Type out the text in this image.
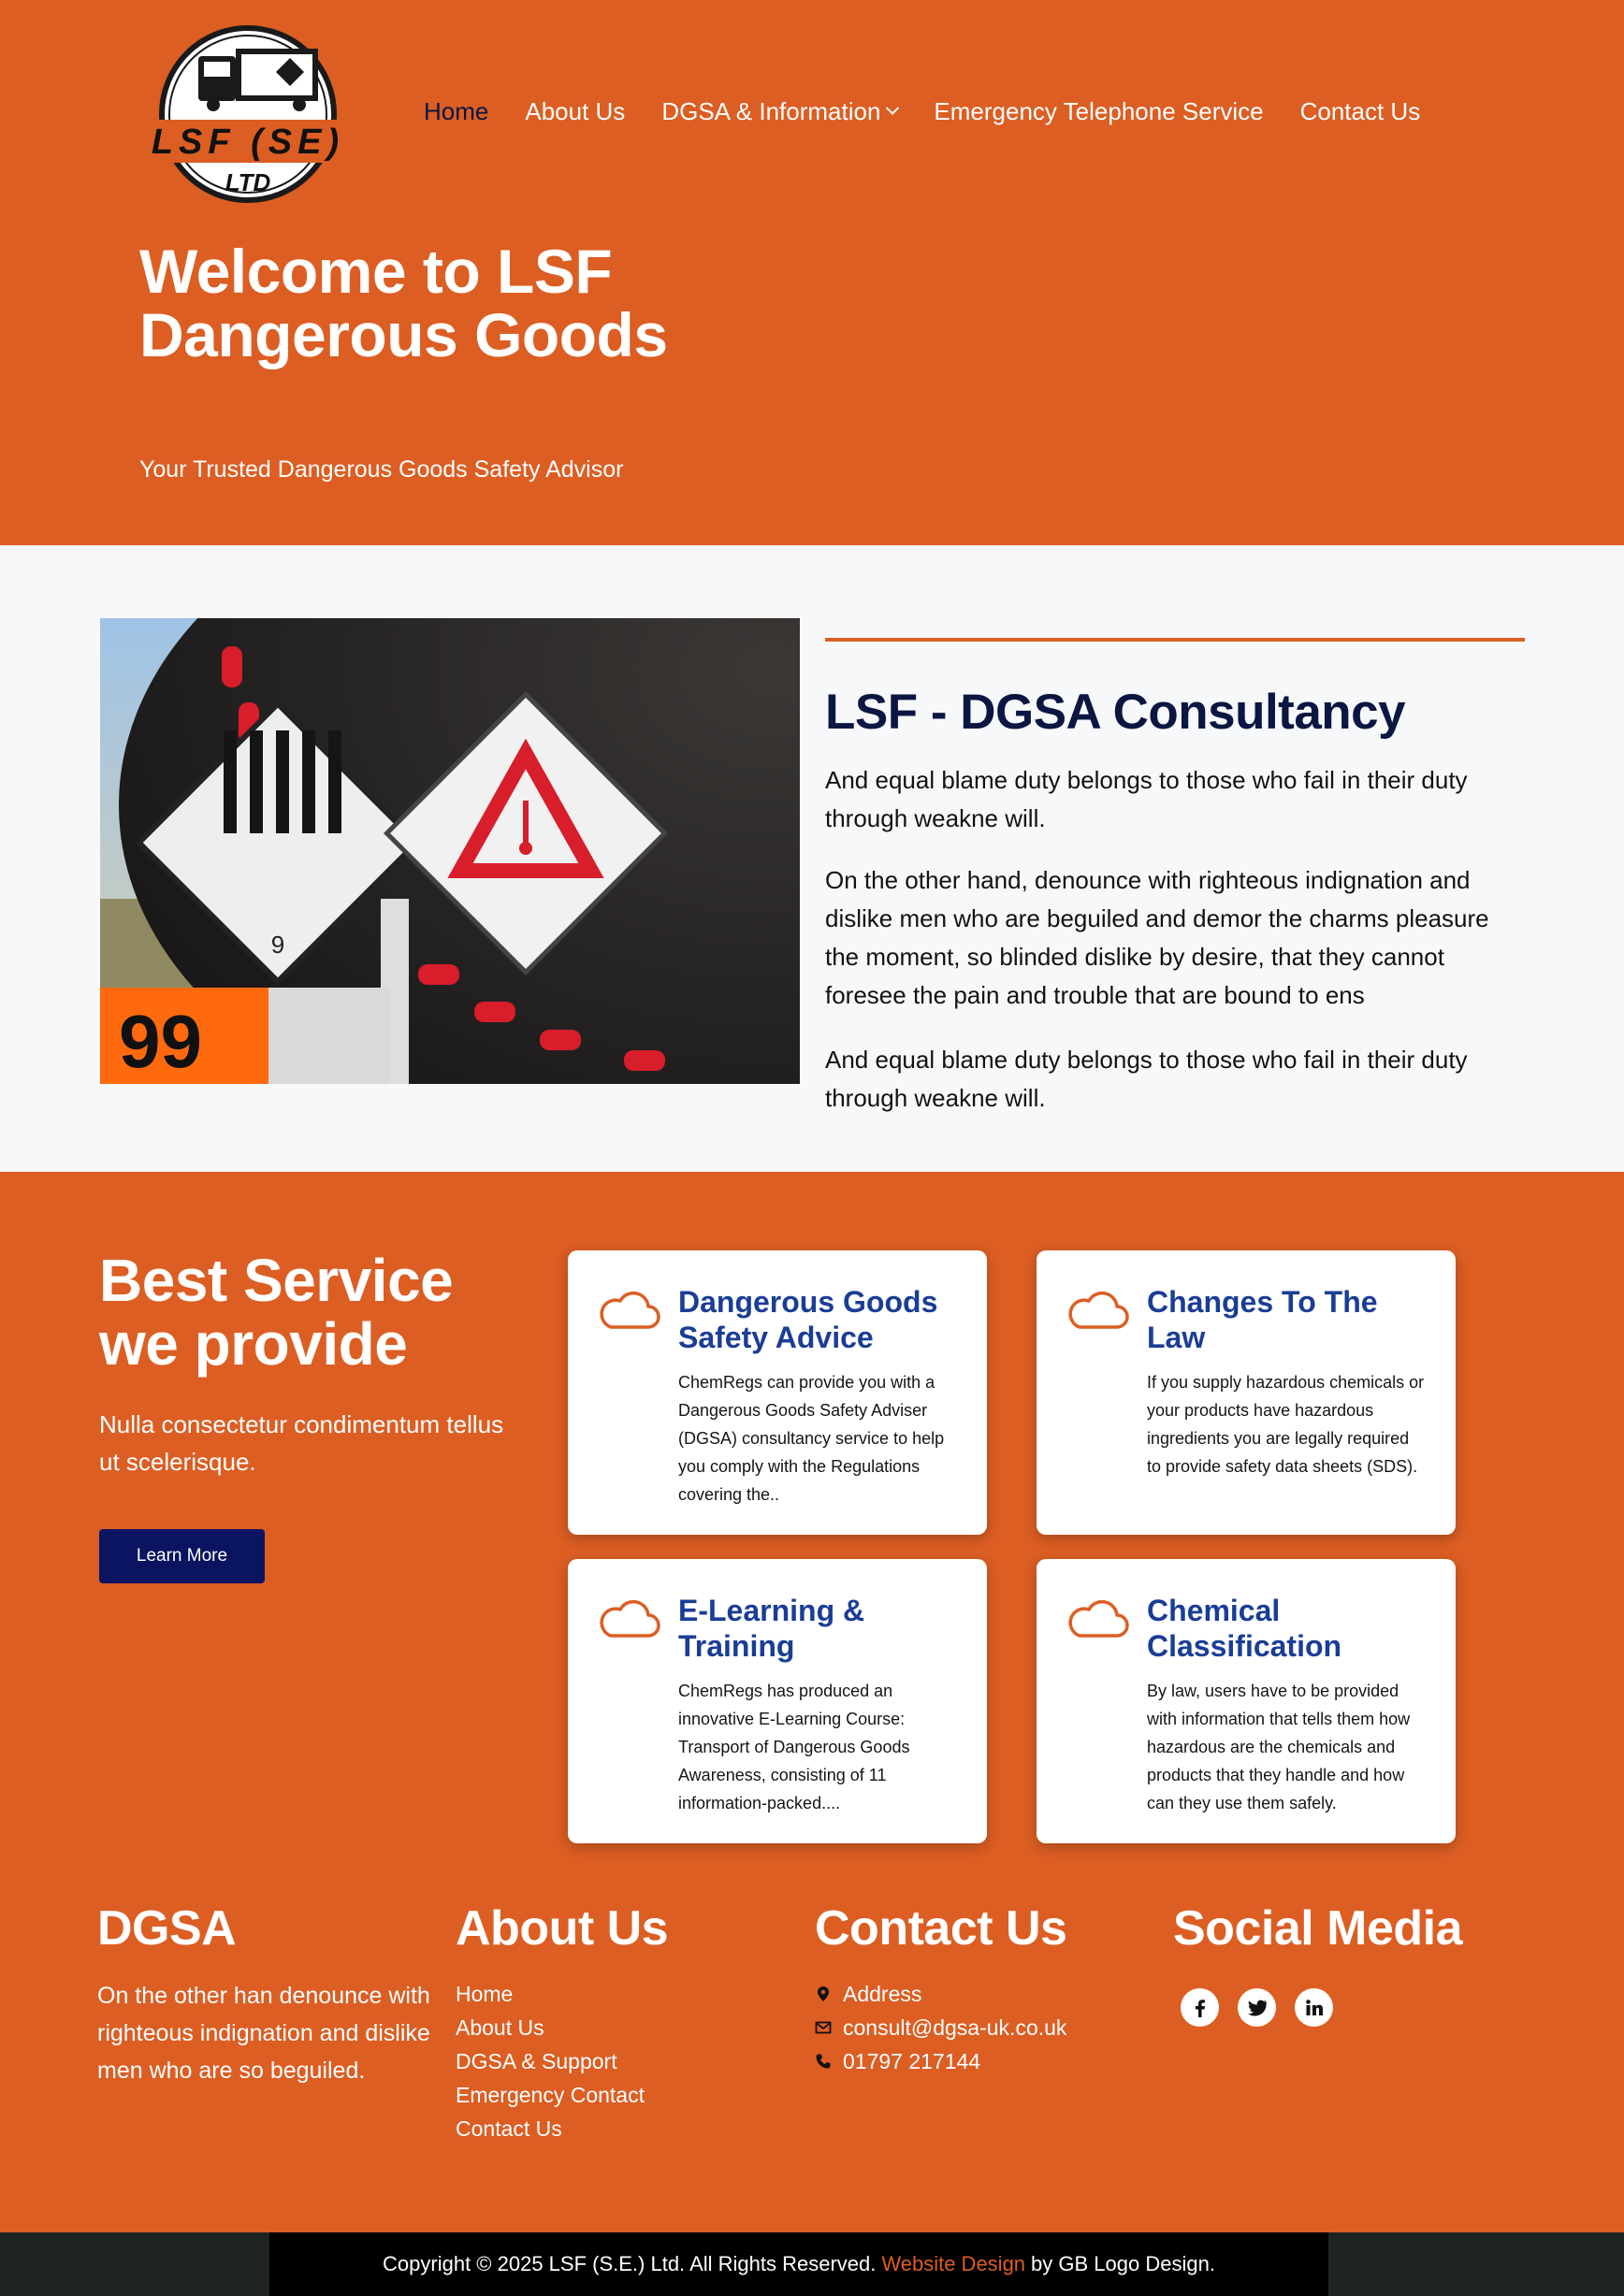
LSF (SE)
LTD
Home About Us DGSA & Information Emergency Telephone Service Contact Us
Welcome to LSF Dangerous Goods

Your Trusted Dangerous Goods Safety Advisor

9
99
LSF - DGSA Consultancy

And equal blame duty belongs to those who fail in their duty through weakne will.

On the other hand, denounce with righteous indignation and dislike men who are beguiled and demor the charms pleasure the moment, so blinded dislike by desire, that they cannot foresee the pain and trouble that are bound to ens

And equal blame duty belongs to those who fail in their duty through weakne will.

Best Service we provide

Nulla consectetur condimentum tellus ut scelerisque.

Learn More
Dangerous Goods Safety Advice
ChemRegs can provide you with a Dangerous Goods Safety Adviser (DGSA) consultancy service to help you comply with the Regulations covering the..
Changes To The Law
If you supply hazardous chemicals or your products have hazardous ingredients you are legally required to provide safety data sheets (SDS).
E-Learning & Training
ChemRegs has produced an innovative E-Learning Course: Transport of Dangerous Goods Awareness, consisting of 11 information-packed....
Chemical Classification
By law, users have to be provided with information that tells them how hazardous are the chemicals and products that they handle and how can they use them safely.
DGSA
On the other han denounce with righteous indignation and dislike men who are so beguiled.
About Us
Home
About Us
DGSA & Support
Emergency Contact
Contact Us
Contact Us
Address
consult@dgsa-uk.co.uk
01797 217144
Social Media
Copyright © 2025 LSF (S.E.) Ltd. All Rights Reserved. Website Design by GB Logo Design.
